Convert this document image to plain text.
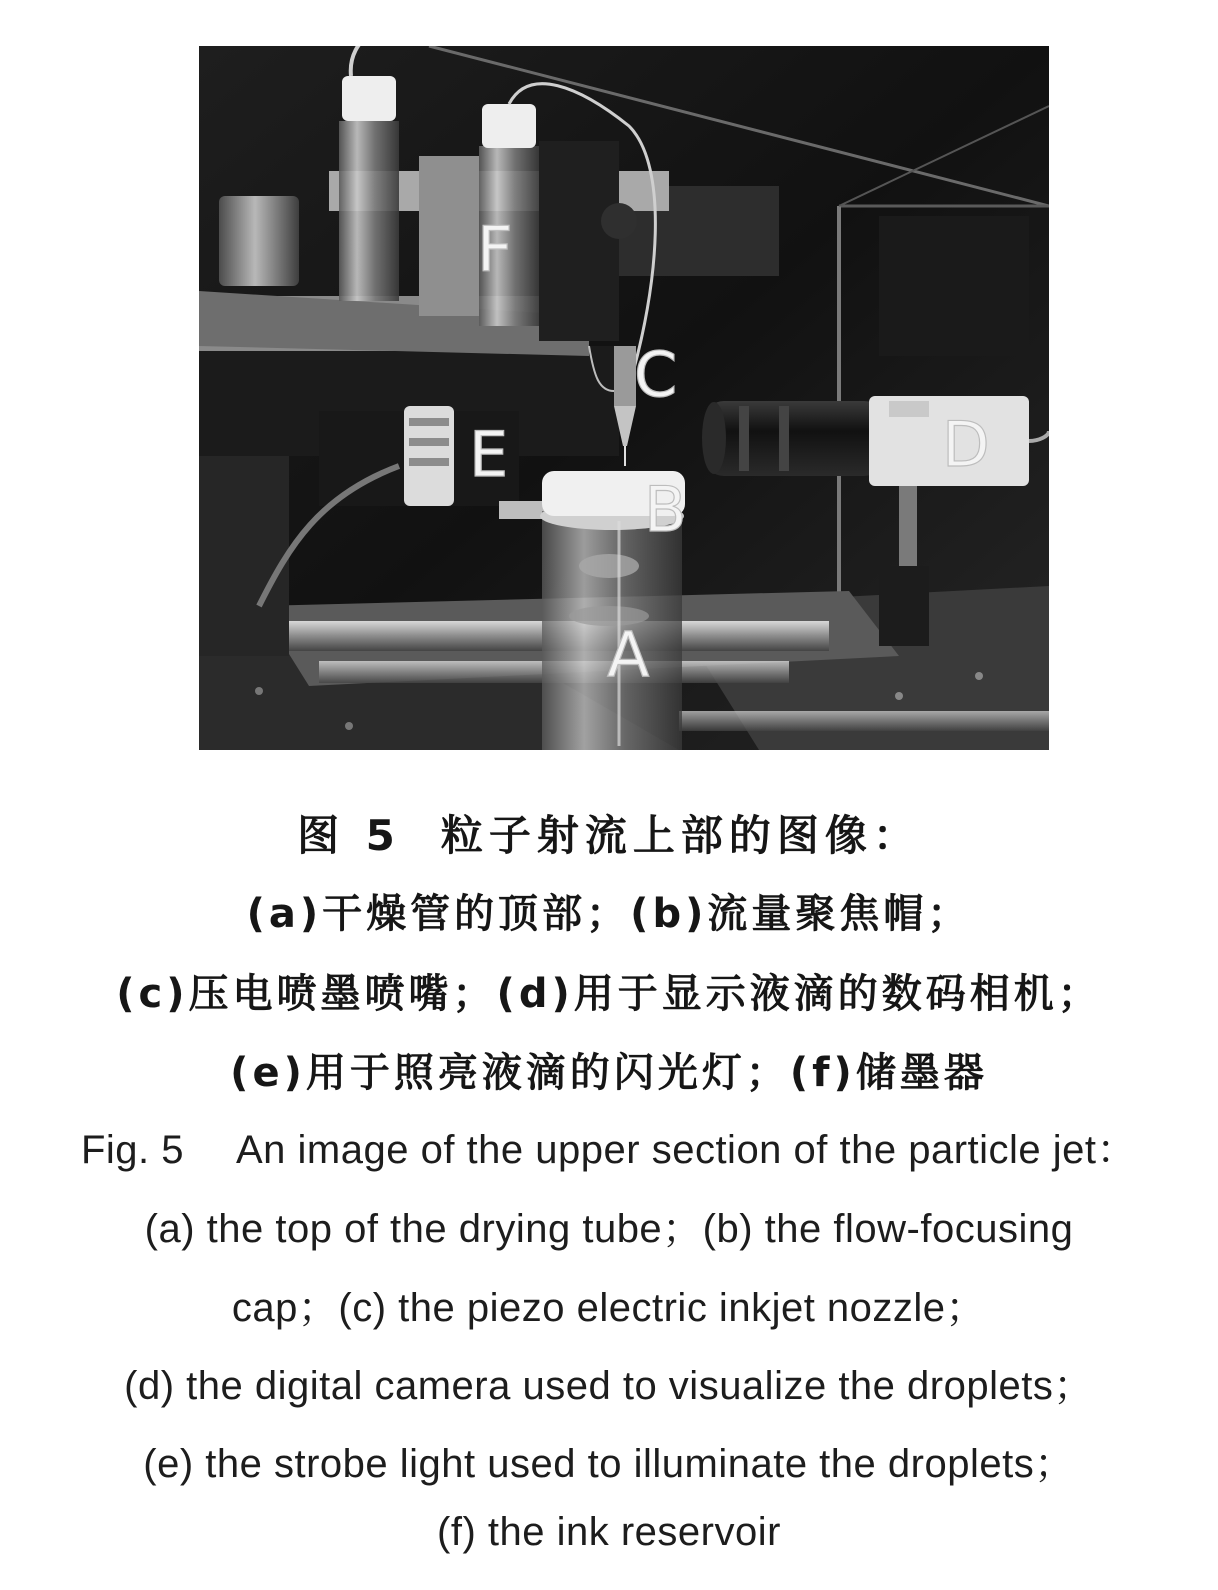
F
C
E	D
B
A
图 5 粒子射流上部的图像：
(a)干燥管的顶部；(b)流量聚焦帽；
(c)压电喷墨喷嘴；(d)用于显示液滴的数码相机；
(e)用于照亮液滴的闪光灯；(f)储墨器
Fig. 5 An image of the upper section of the particle jet：
(a) the top of the drying tube；(b) the flow-focusing
cap；(c) the piezo electric inkjet nozzle；
(d) the digital camera used to visualize the droplets；
(e) the strobe light used to illuminate the droplets；
(f) the ink reservoir
